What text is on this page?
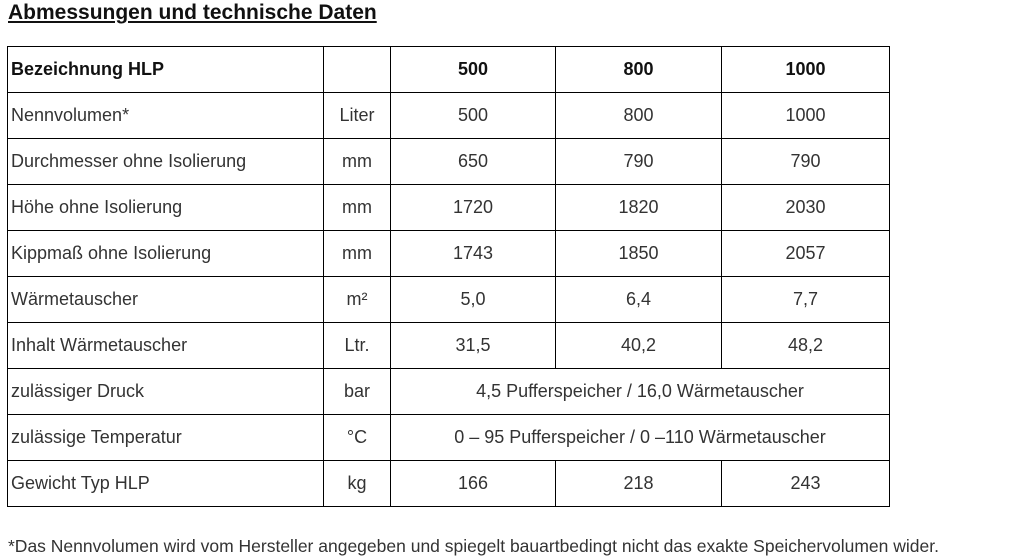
Abmessungen und technische Daten
Bezeichnung HLP		500	800	1000
Nennvolumen*	Liter	500	800	1000
Durchmesser ohne Isolierung	mm	650	790	790
Höhe ohne Isolierung	mm	1720	1820	2030
Kippmaß ohne Isolierung	mm	1743	1850	2057
Wärmetauscher	m²	5,0	6,4	7,7
Inhalt Wärmetauscher	Ltr.	31,5	40,2	48,2
zulässiger Druck	bar	4,5 Pufferspeicher / 16,0 Wärmetauscher		
zulässige Temperatur	°C	0 – 95 Pufferspeicher / 0 –110 Wärmetauscher		
Gewicht Typ HLP	kg	166	218	243

*Das Nennvolumen wird vom Hersteller angegeben und spiegelt bauartbedingt nicht das exakte Speichervolumen wider.
